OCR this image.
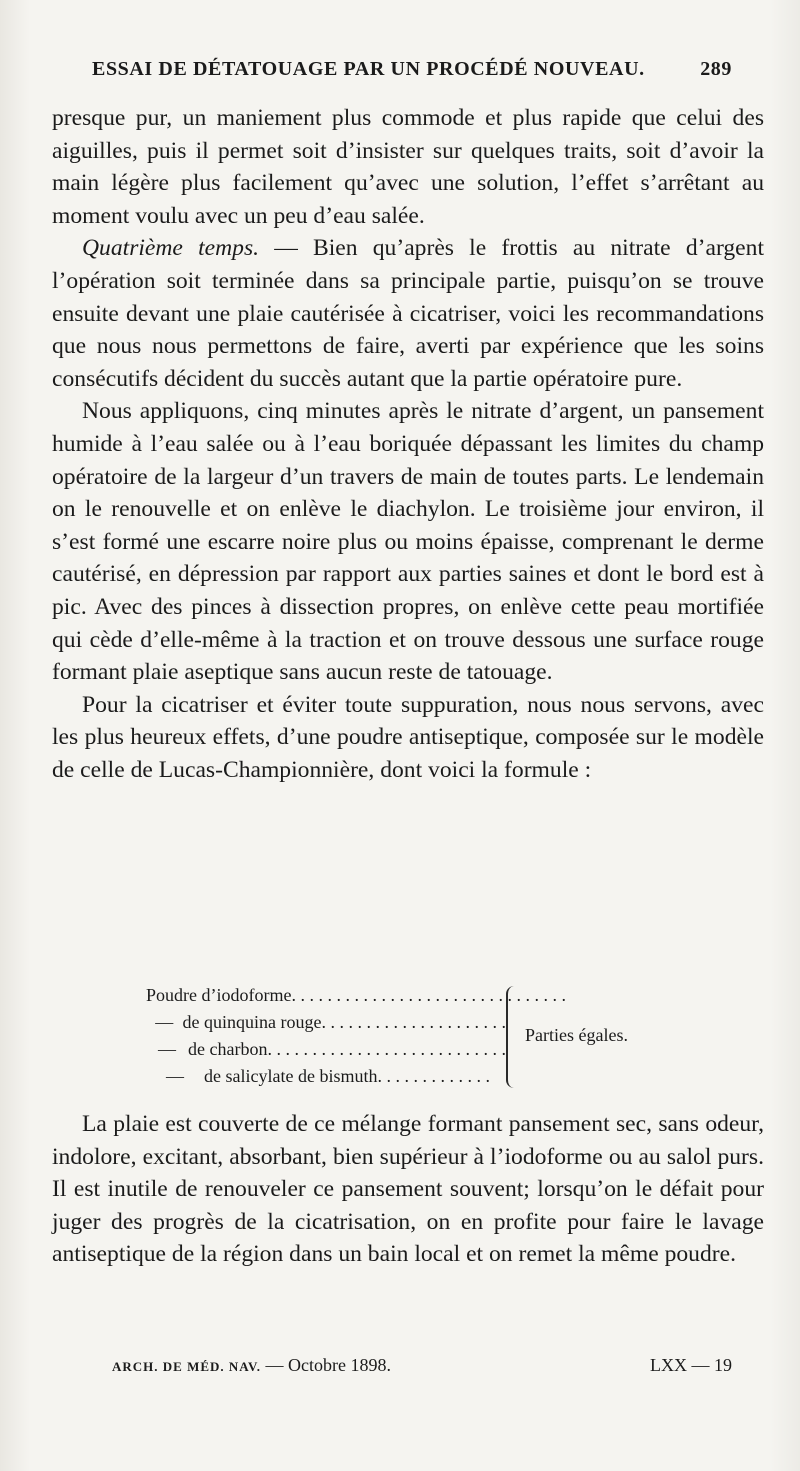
ESSAI DE DÉTATOUAGE PAR UN PROCÉDÉ NOUVEAU.	289

presque pur, un maniement plus commode et plus rapide que celui des aiguilles, puis il permet soit d’insister sur quelques traits, soit d’avoir la main légère plus facilement qu’avec une solution, l’effet s’arrêtant au moment voulu avec un peu d’eau salée.

Quatrième temps. — Bien qu’après le frottis au nitrate d’argent l’opération soit terminée dans sa principale partie, puisqu’on se trouve ensuite devant une plaie cautérisée à cicatriser, voici les recommandations que nous nous permettons de faire, averti par expérience que les soins consécutifs décident du succès autant que la partie opératoire pure.

Nous appliquons, cinq minutes après le nitrate d’argent, un pansement humide à l’eau salée ou à l’eau boriquée dépassant les limites du champ opératoire de la largeur d’un travers de main de toutes parts. Le lendemain on le renouvelle et on enlève le diachylon. Le troisième jour environ, il s’est formé une escarre noire plus ou moins épaisse, comprenant le derme cautérisé, en dépression par rapport aux parties saines et dont le bord est à pic. Avec des pinces à dissection propres, on enlève cette peau mortifiée qui cède d’elle-même à la traction et on trouve dessous une surface rouge formant plaie aseptique sans aucun reste de tatouage.

Pour la cicatriser et éviter toute suppuration, nous nous servons, avec les plus heureux effets, d’une poudre antiseptique, composée sur le modèle de celle de Lucas-Championnière, dont voici la formule :

Poudre d’iodoforme . . . . . . . . . . . . . . . . . . . . . . . . . . . . . . .
— de quinquina rouge . . . . . . . . . . . . . . . . . . . . .
— de charbon . . . . . . . . . . . . . . . . . . . . . . . . . . .
—	de salicylate de bismuth . . . . . . . . . . . . .
Parties égales.

La plaie est couverte de ce mélange formant pansement sec, sans odeur, indolore, excitant, absorbant, bien supérieur à l’iodoforme ou au salol purs. Il est inutile de renouveler ce pansement souvent; lorsqu’on le défait pour juger des progrès de la cicatrisation, on en profite pour faire le lavage antiseptique de la région dans un bain local et on remet la même poudre.

ARCH. DE MÉD. NAV. — Octobre 1898.	LXX — 19
